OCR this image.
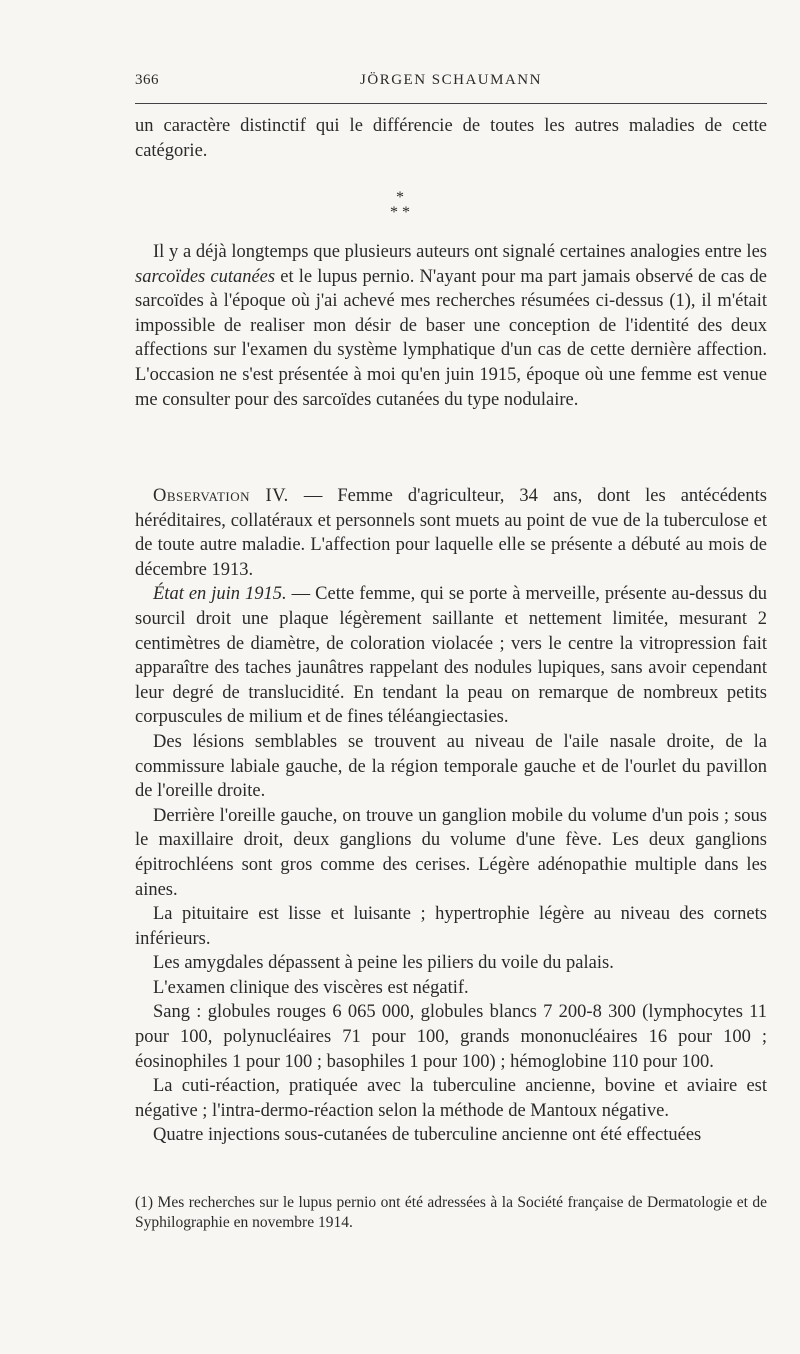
366	JÖRGEN SCHAUMANN

un caractère distinctif qui le différencie de toutes les autres maladies de cette catégorie.

*
* *

Il y a déjà longtemps que plusieurs auteurs ont signalé certaines analogies entre les sarcoïdes cutanées et le lupus pernio. N'ayant pour ma part jamais observé de cas de sarcoïdes à l'époque où j'ai achevé mes recherches résumées ci-dessus (1), il m'était impossible de realiser mon désir de baser une conception de l'identité des deux affections sur l'examen du système lymphatique d'un cas de cette dernière affection. L'occasion ne s'est présentée à moi qu'en juin 1915, époque où une femme est venue me consulter pour des sarcoïdes cutanées du type nodulaire.

Observation IV. — Femme d'agriculteur, 34 ans, dont les antécédents héréditaires, collatéraux et personnels sont muets au point de vue de la tuberculose et de toute autre maladie. L'affection pour laquelle elle se présente a débuté au mois de décembre 1913.

État en juin 1915. — Cette femme, qui se porte à merveille, présente au-dessus du sourcil droit une plaque légèrement saillante et nettement limitée, mesurant 2 centimètres de diamètre, de coloration violacée ; vers le centre la vitropression fait apparaître des taches jaunâtres rappelant des nodules lupiques, sans avoir cependant leur degré de translucidité. En tendant la peau on remarque de nombreux petits corpuscules de milium et de fines téléangiectasies.

Des lésions semblables se trouvent au niveau de l'aile nasale droite, de la commissure labiale gauche, de la région temporale gauche et de l'ourlet du pavillon de l'oreille droite.

Derrière l'oreille gauche, on trouve un ganglion mobile du volume d'un pois ; sous le maxillaire droit, deux ganglions du volume d'une fève. Les deux ganglions épitrochléens sont gros comme des cerises. Légère adénopathie multiple dans les aines.

La pituitaire est lisse et luisante ; hypertrophie légère au niveau des cornets inférieurs.

Les amygdales dépassent à peine les piliers du voile du palais.

L'examen clinique des viscères est négatif.

Sang : globules rouges 6 065 000, globules blancs 7 200-8 300 (lymphocytes 11 pour 100, polynucléaires 71 pour 100, grands mononucléaires 16 pour 100 ; éosinophiles 1 pour 100 ; basophiles 1 pour 100) ; hémoglobine 110 pour 100.

La cuti-réaction, pratiquée avec la tuberculine ancienne, bovine et aviaire est négative ; l'intra-dermo-réaction selon la méthode de Mantoux négative.

Quatre injections sous-cutanées de tuberculine ancienne ont été effectuées

(1) Mes recherches sur le lupus pernio ont été adressées à la Société française de Dermatologie et de Syphilographie en novembre 1914.
